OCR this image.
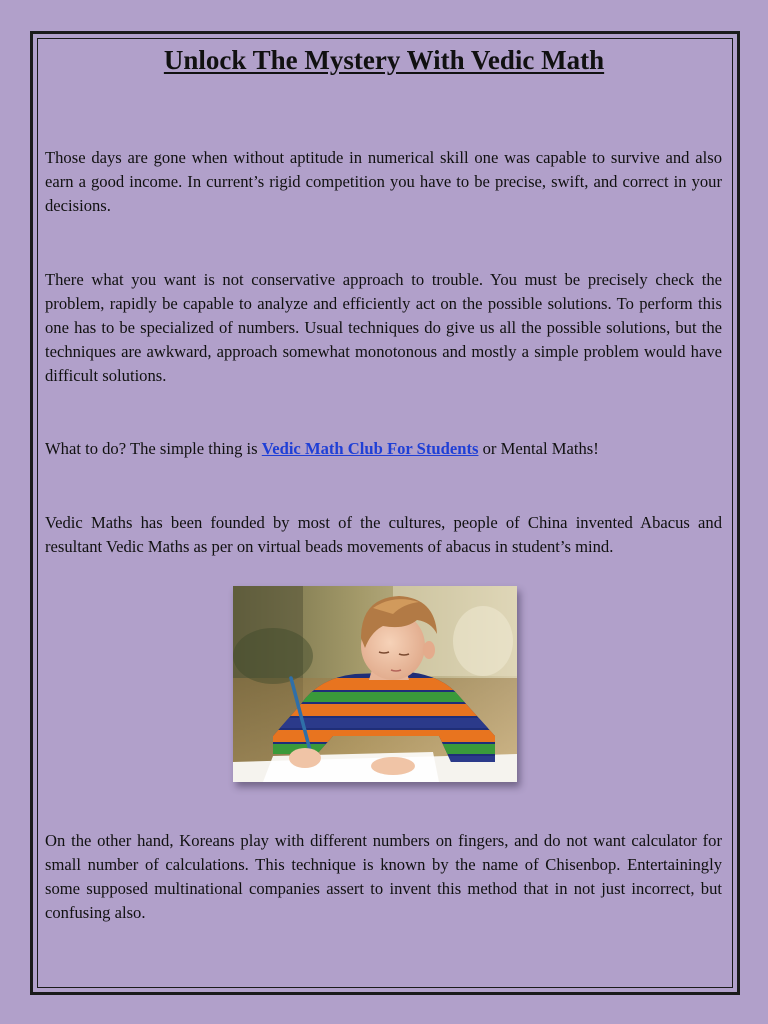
Unlock The Mystery With Vedic Math

Those days are gone when without aptitude in numerical skill one was capable to survive and also earn a good income. In current’s rigid competition you have to be precise, swift, and correct in your decisions.

There what you want is not conservative approach to trouble. You must be precisely check the problem, rapidly be capable to analyze and efficiently act on the possible solutions. To perform this one has to be specialized of numbers. Usual techniques do give us all the possible solutions, but the techniques are awkward, approach somewhat monotonous and mostly a simple problem would have difficult solutions.

What to do? The simple thing is Vedic Math Club For Students or Mental Maths!

Vedic Maths has been founded by most of the cultures, people of China invented Abacus and resultant Vedic Maths as per on virtual beads movements of abacus in student’s mind.

On the other hand, Koreans play with different numbers on fingers, and do not want calculator for small number of calculations. This technique is known by the name of Chisenbop. Entertainingly some supposed multinational companies assert to invent this method that in not just incorrect, but confusing also.
